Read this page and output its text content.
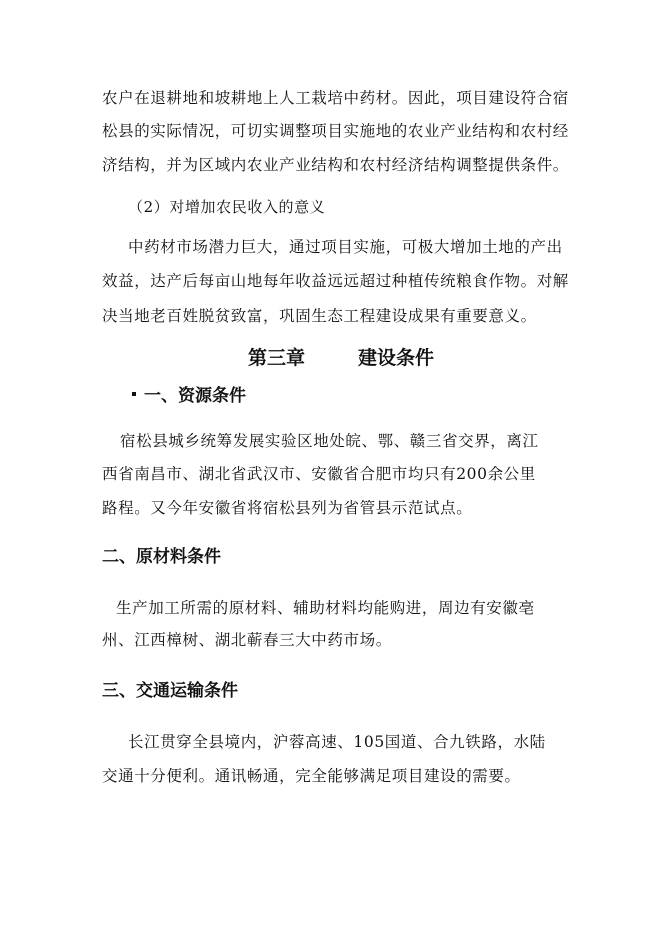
农户在退耕地和坡耕地上人工栽培中药材。因此，项目建设符合宿
松县的实际情况，可切实调整项目实施地的农业产业结构和农村经
济结构，并为区域内农业产业结构和农村经济结构调整提供条件。
（2）对增加农民收入的意义
中药材市场潜力巨大，通过项目实施，可极大增加土地的产出
效益，达产后每亩山地每年收益远远超过种植传统粮食作物。对解
决当地老百姓脱贫致富，巩固生态工程建设成果有重要意义。
第三章	建设条件
一、资源条件
宿松县城乡统筹发展实验区地处皖、鄂、赣三省交界，离江
西省南昌市、湖北省武汉市、安徽省合肥市均只有200余公里
路程。又今年安徽省将宿松县列为省管县示范试点。
二、原材料条件
生产加工所需的原材料、辅助材料均能购进，周边有安徽亳
州、江西樟树、湖北蕲春三大中药市场。
三、交通运输条件
长江贯穿全县境内，沪蓉高速、105国道、合九铁路，水陆
交通十分便利。通讯畅通，完全能够满足项目建设的需要。
